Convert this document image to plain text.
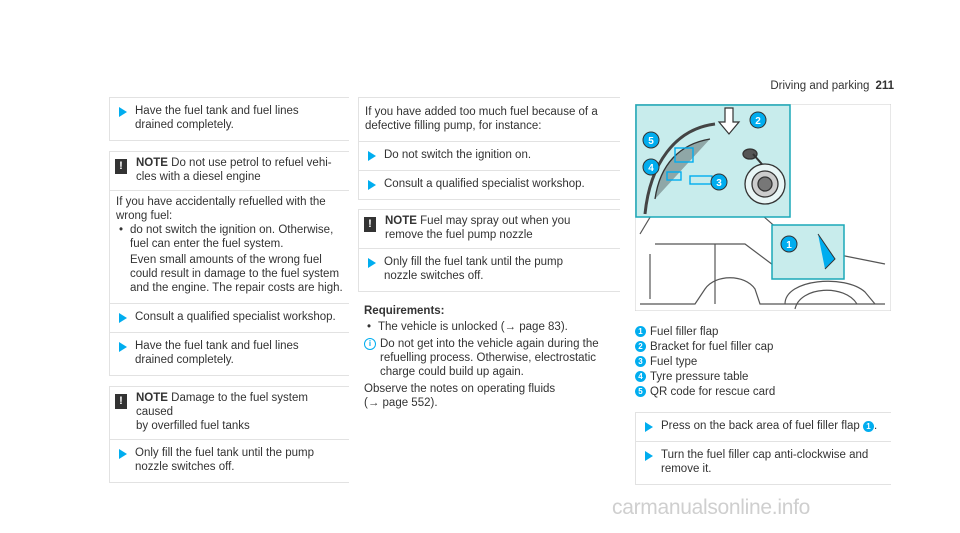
Driving and parking 211
Have the fuel tank and fuel lines
drained completely.
!	NOTE Do not use petrol to refuel vehi-
cles with a diesel engine
If you have accidentally refuelled with the
wrong fuel:
• do not switch the ignition on. Otherwise,
fuel can enter the fuel system.
Even small amounts of the wrong fuel
could result in damage to the fuel system
and the engine. The repair costs are high.
Consult a qualified specialist workshop.
Have the fuel tank and fuel lines
drained completely.
!	NOTE Damage to the fuel system caused
by overfilled fuel tanks
Only fill the fuel tank until the pump
nozzle switches off.
If you have added too much fuel because of a
defective filling pump, for instance:
Do not switch the ignition on.
Consult a qualified specialist workshop.
!	NOTE Fuel may spray out when you
remove the fuel pump nozzle
Only fill the fuel tank until the pump
nozzle switches off.
Requirements:
• The vehicle is unlocked (→ page 83).
i Do not get into the vehicle again during the
refuelling process. Otherwise, electrostatic
charge could build up again.
Observe the notes on operating fluids
(→ page 552).
2
5
4
3
1
1 Fuel filler flap
2 Bracket for fuel filler cap
3 Fuel type
4 Tyre pressure table
5 QR code for rescue card
Press on the back area of fuel filler flap 1 .
Turn the fuel filler cap anti-clockwise and
remove it.
carmanualsonline.info
